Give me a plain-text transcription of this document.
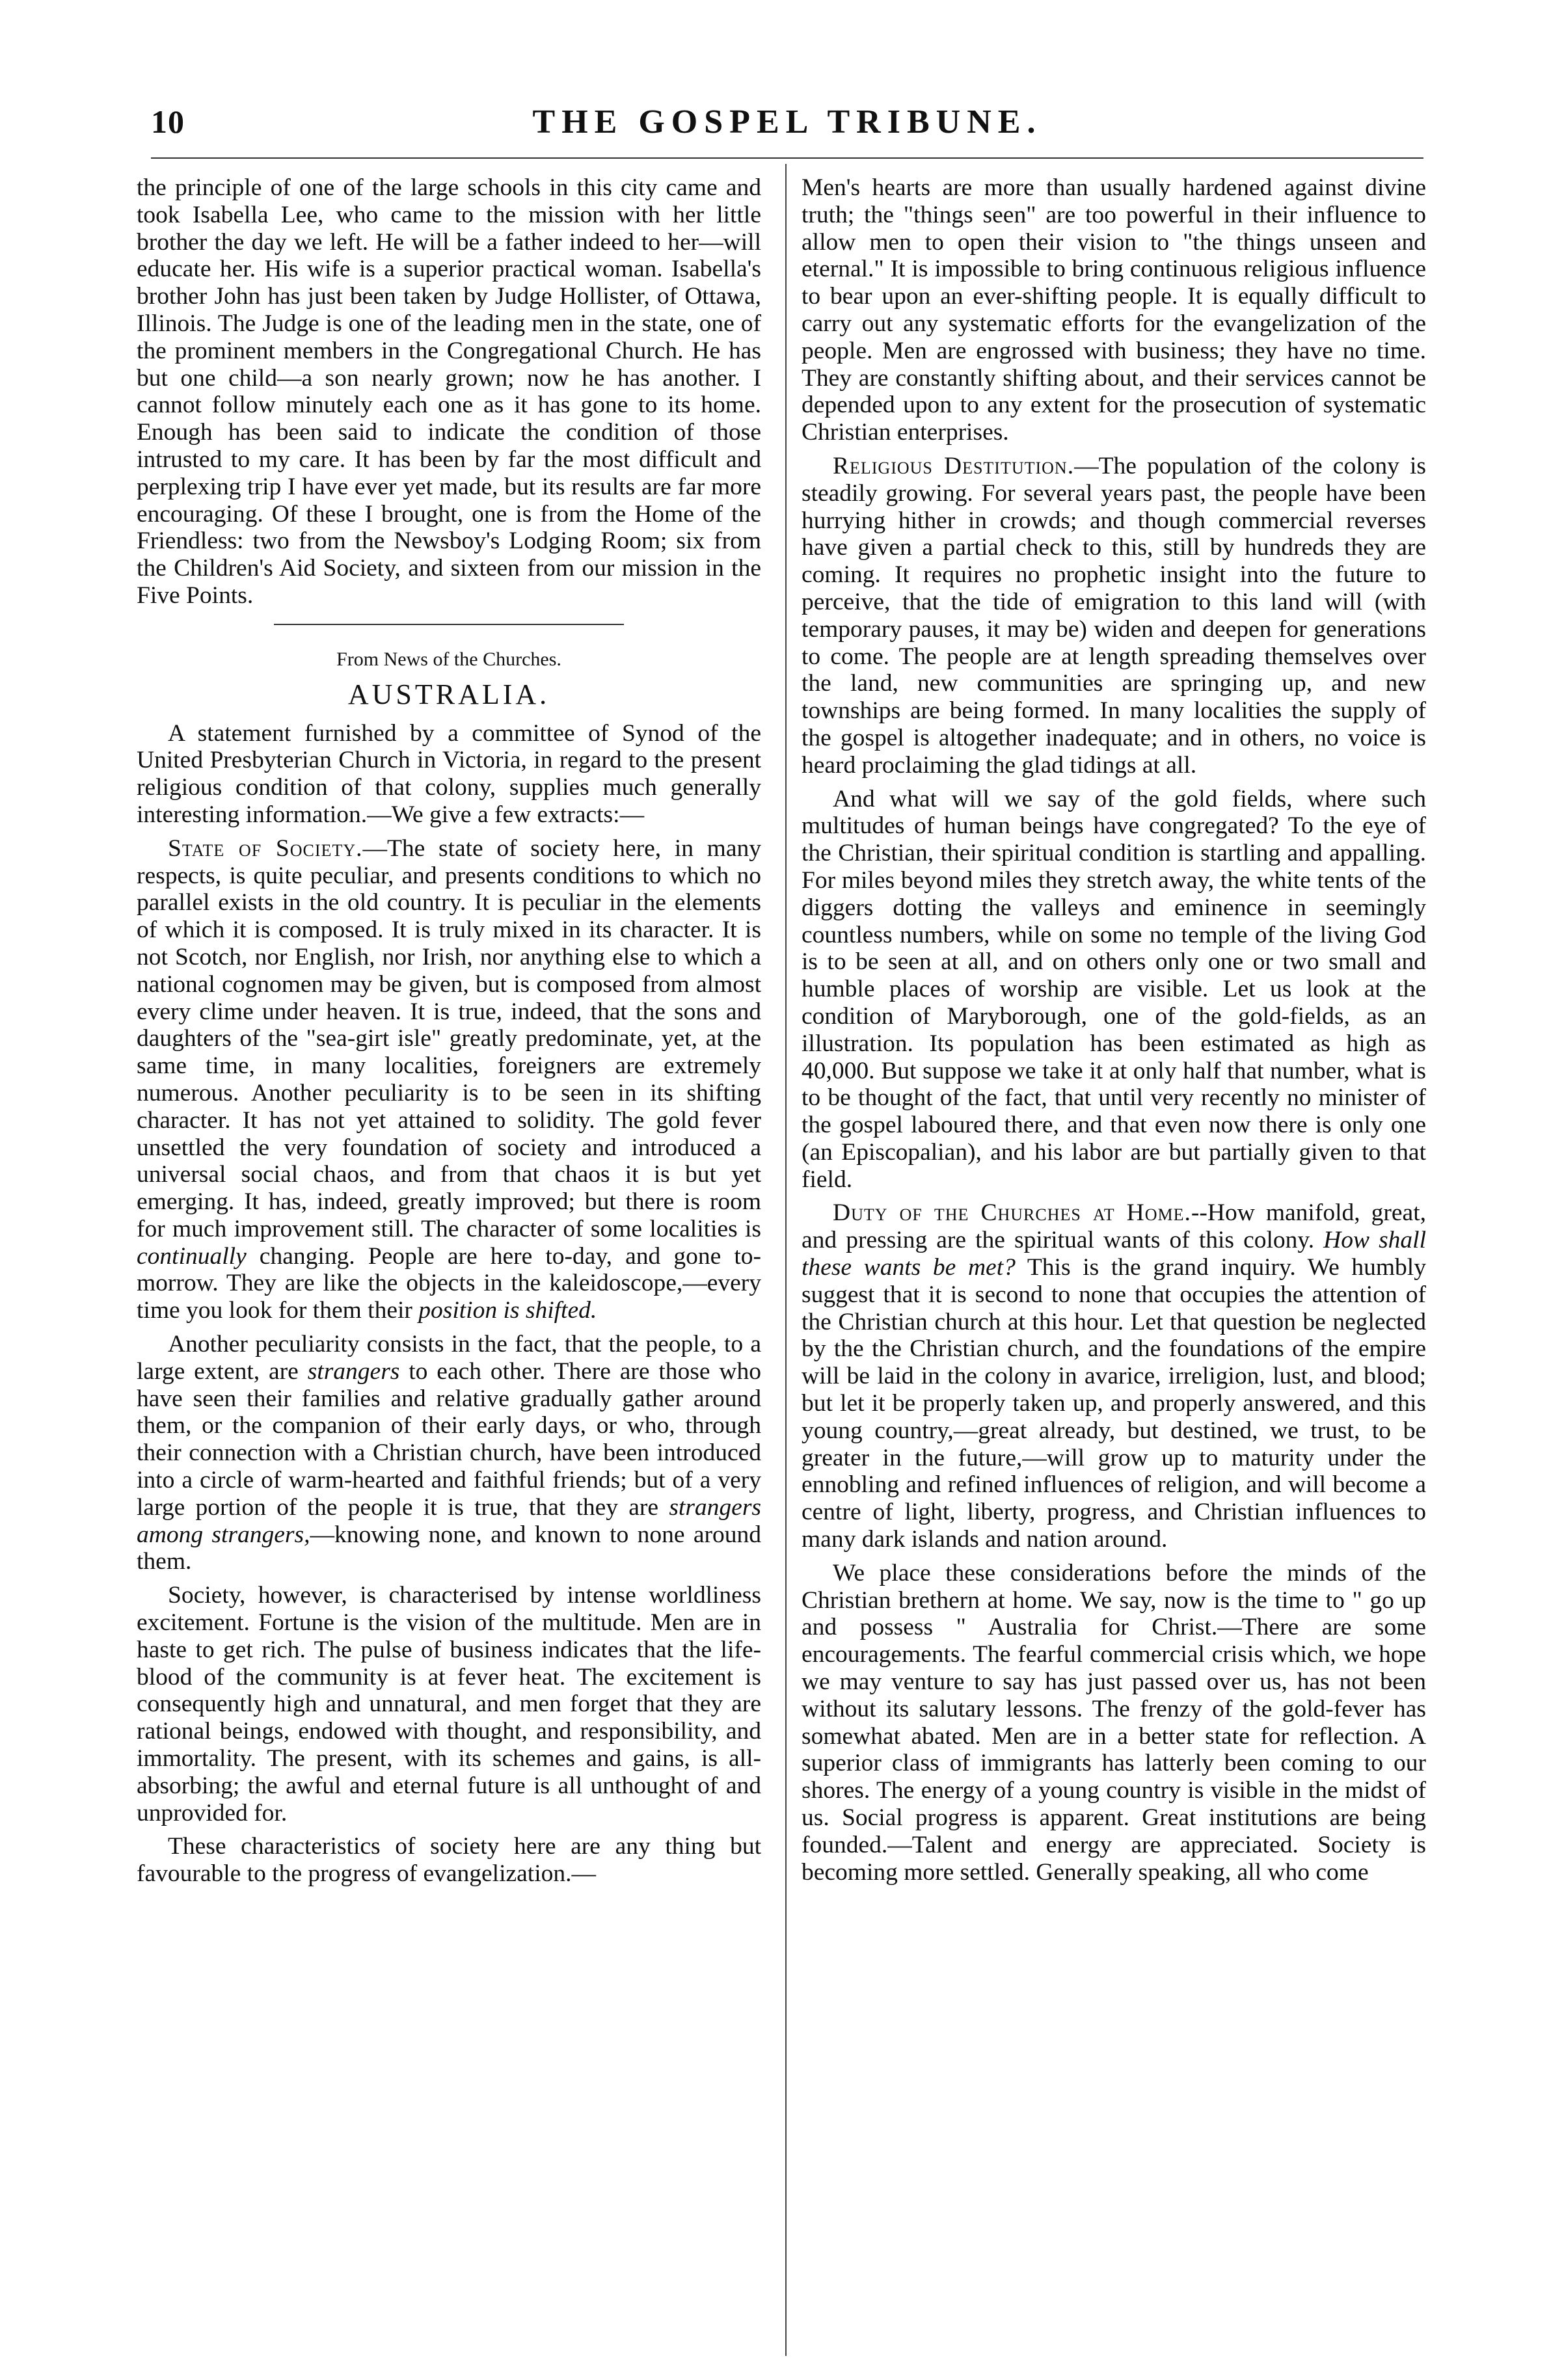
10	THE GOSPEL TRIBUNE.

the principle of one of the large schools in this city came and took Isabella Lee, who came to the mission with her little brother the day we left. He will be a father indeed to her—will educate her. His wife is a superior practical woman. Isabella's brother John has just been taken by Judge Hollister, of Ottawa, Illinois. The Judge is one of the leading men in the state, one of the prominent members in the Congregational Church. He has but one child—a son nearly grown; now he has another. I cannot follow minutely each one as it has gone to its home. Enough has been said to indicate the condition of those intrusted to my care. It has been by far the most difficult and perplexing trip I have ever yet made, but its results are far more encouraging. Of these I brought, one is from the Home of the Friendless: two from the Newsboy's Lodging Room; six from the Children's Aid Society, and sixteen from our mission in the Five Points.

From News of the Churches.
AUSTRALIA.

A statement furnished by a committee of Synod of the United Presbyterian Church in Victoria, in regard to the present religious condition of that colony, supplies much generally interesting information.—We give a few extracts:—

State of Society.—The state of society here, in many respects, is quite peculiar, and presents conditions to which no parallel exists in the old country. It is peculiar in the elements of which it is composed. It is truly mixed in its character. It is not Scotch, nor English, nor Irish, nor anything else to which a national cognomen may be given, but is composed from almost every clime under heaven. It is true, indeed, that the sons and daughters of the "sea-girt isle" greatly predominate, yet, at the same time, in many localities, foreigners are extremely numerous. Another peculiarity is to be seen in its shifting character. It has not yet attained to solidity. The gold fever unsettled the very foundation of society and introduced a universal social chaos, and from that chaos it is but yet emerging. It has, indeed, greatly improved; but there is room for much improvement still. The character of some localities is continually changing. People are here to-day, and gone to-morrow. They are like the objects in the kaleidoscope,—every time you look for them their position is shifted.

Another peculiarity consists in the fact, that the people, to a large extent, are strangers to each other. There are those who have seen their families and relative gradually gather around them, or the companion of their early days, or who, through their connection with a Christian church, have been introduced into a circle of warm-hearted and faithful friends; but of a very large portion of the people it is true, that they are strangers among strangers,—knowing none, and known to none around them.

Society, however, is characterised by intense worldliness excitement. Fortune is the vision of the multitude. Men are in haste to get rich. The pulse of business indicates that the life-blood of the community is at fever heat. The excitement is consequently high and unnatural, and men forget that they are rational beings, endowed with thought, and responsibility, and immortality. The present, with its schemes and gains, is all-absorbing; the awful and eternal future is all unthought of and unprovided for.

These characteristics of society here are any thing but favourable to the progress of evangelization.—

Men's hearts are more than usually hardened against divine truth; the "things seen" are too powerful in their influence to allow men to open their vision to "the things unseen and eternal." It is impossible to bring continuous religious influence to bear upon an ever-shifting people. It is equally difficult to carry out any systematic efforts for the evangelization of the people. Men are engrossed with business; they have no time. They are constantly shifting about, and their services cannot be depended upon to any extent for the prosecution of systematic Christian enterprises.

Religious Destitution.—The population of the colony is steadily growing. For several years past, the people have been hurrying hither in crowds; and though commercial reverses have given a partial check to this, still by hundreds they are coming. It requires no prophetic insight into the future to perceive, that the tide of emigration to this land will (with temporary pauses, it may be) widen and deepen for generations to come. The people are at length spreading themselves over the land, new communities are springing up, and new townships are being formed. In many localities the supply of the gospel is altogether inadequate; and in others, no voice is heard proclaiming the glad tidings at all.

And what will we say of the gold fields, where such multitudes of human beings have congregated? To the eye of the Christian, their spiritual condition is startling and appalling. For miles beyond miles they stretch away, the white tents of the diggers dotting the valleys and eminence in seemingly countless numbers, while on some no temple of the living God is to be seen at all, and on others only one or two small and humble places of worship are visible. Let us look at the condition of Maryborough, one of the gold-fields, as an illustration. Its population has been estimated as high as 40,000. But suppose we take it at only half that number, what is to be thought of the fact, that until very recently no minister of the gospel laboured there, and that even now there is only one (an Episcopalian), and his labor are but partially given to that field.

Duty of the Churches at Home.--How manifold, great, and pressing are the spiritual wants of this colony. How shall these wants be met? This is the grand inquiry. We humbly suggest that it is second to none that occupies the attention of the Christian church at this hour. Let that question be neglected by the the Christian church, and the foundations of the empire will be laid in the colony in avarice, irreligion, lust, and blood; but let it be properly taken up, and properly answered, and this young country,—great already, but destined, we trust, to be greater in the future,—will grow up to maturity under the ennobling and refined influences of religion, and will become a centre of light, liberty, progress, and Christian influences to many dark islands and nation around.

We place these considerations before the minds of the Christian brethern at home. We say, now is the time to " go up and possess " Australia for Christ.—There are some encouragements. The fearful commercial crisis which, we hope we may venture to say has just passed over us, has not been without its salutary lessons. The frenzy of the gold-fever has somewhat abated. Men are in a better state for reflection. A superior class of immigrants has latterly been coming to our shores. The energy of a young country is visible in the midst of us. Social progress is apparent. Great institutions are being founded.—Talent and energy are appreciated. Society is becoming more settled. Generally speaking, all who come
